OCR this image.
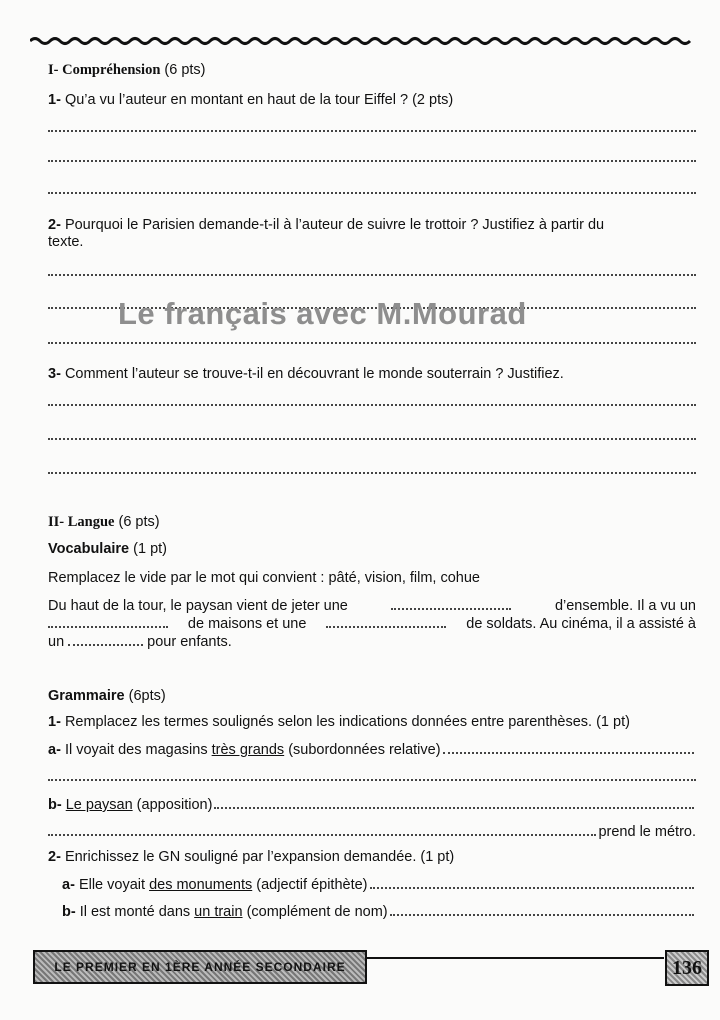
I- Compréhension
(6 pts)
1-
Qu’a vu l’auteur en montant en haut de la tour Eiffel ? (2 pts)
2-
Pourquoi le Parisien demande-t-il à l’auteur de suivre le trottoir ? Justifiez à partir du
texte.
Le français avec M.Mourad
3-
Comment l’auteur se trouve-t-il en découvrant le monde souterrain ? Justifiez.
II- Langue
(6 pts)
Vocabulaire
(1 pt)
Remplacez le vide par le mot qui convient : pâté, vision, film, cohue
Du haut de la tour, le paysan vient de jeter une	d’ensemble. Il a vu un
de maisons et une	de soldats. Au cinéma, il a assisté à
un	pour enfants.
Grammaire
(6pts)
1-
Remplacez les termes soulignés selon les indications données entre parenthèses. (1 pt)
a-
Il voyait des magasins
très grands
(subordonnées relative)
b-
Le paysan
(apposition)
prend le métro.
2-
Enrichissez le GN souligné par l’expansion demandée. (1 pt)
a-
Elle voyait
des monuments
(adjectif épithète)
b-
Il est monté dans
un train
(complément de nom)
LE PREMIER EN 1ÈRE ANNÉE SECONDAIRE	136
